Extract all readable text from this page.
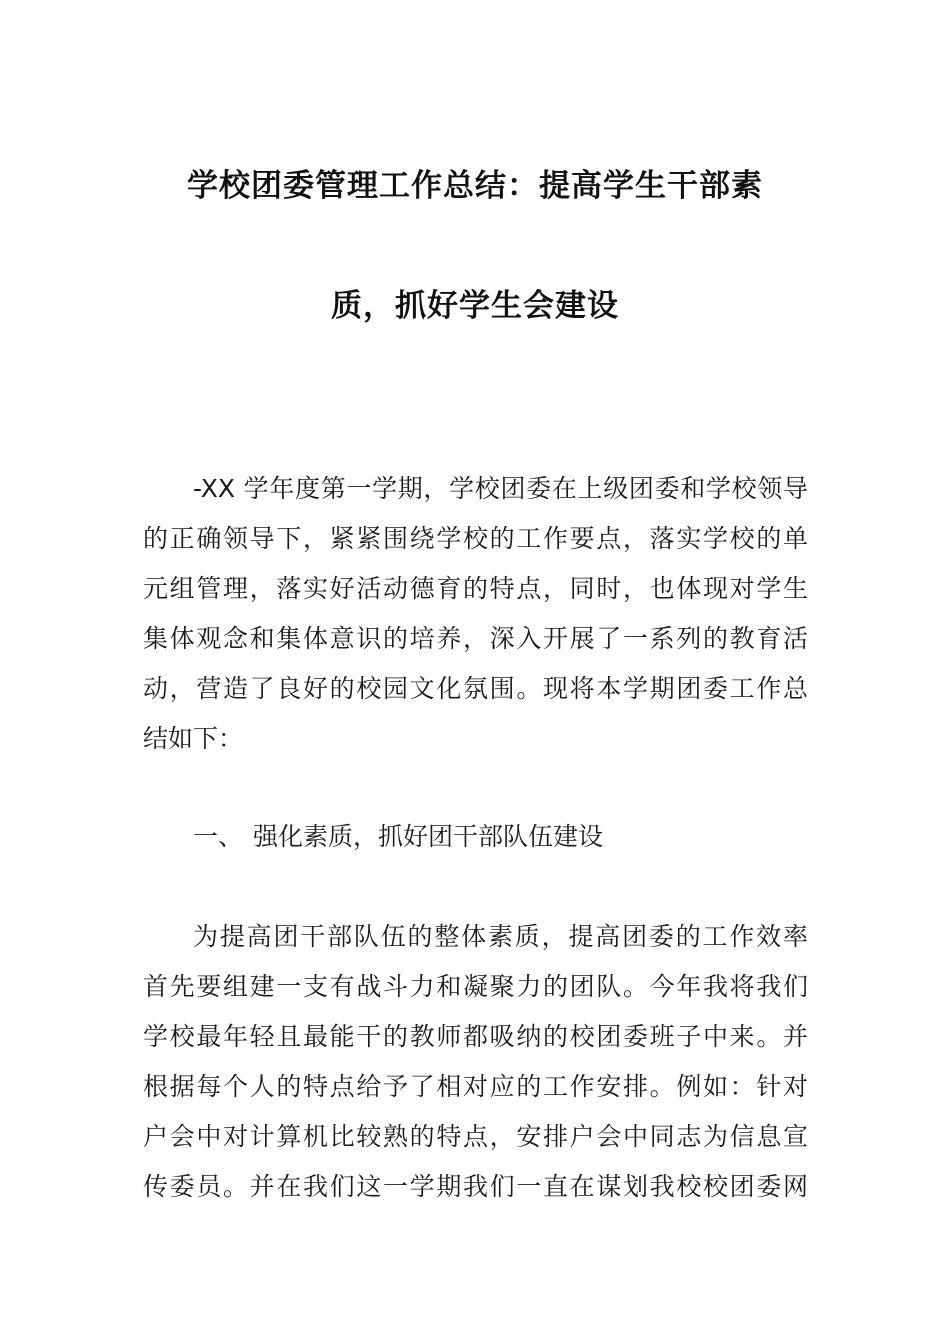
学校团委管理工作总结：提高学生干部素
质，抓好学生会建设
-XX 学年度第一学期，学校团委在上级团委和学校领导
的正确领导下，紧紧围绕学校的工作要点，落实学校的单
元组管理，落实好活动德育的特点，同时，也体现对学生
集体观念和集体意识的培养，深入开展了一系列的教育活
动，营造了良好的校园文化氛围。现将本学期团委工作总
结如下：
一、 强化素质，抓好团干部队伍建设
为提高团干部队伍的整体素质，提高团委的工作效率
首先要组建一支有战斗力和凝聚力的团队。今年我将我们
学校最年轻且最能干的教师都吸纳的校团委班子中来。并
根据每个人的特点给予了相对应的工作安排。例如：针对
户会中对计算机比较熟的特点，安排户会中同志为信息宣
传委员。并在我们这一学期我们一直在谋划我校校团委网
